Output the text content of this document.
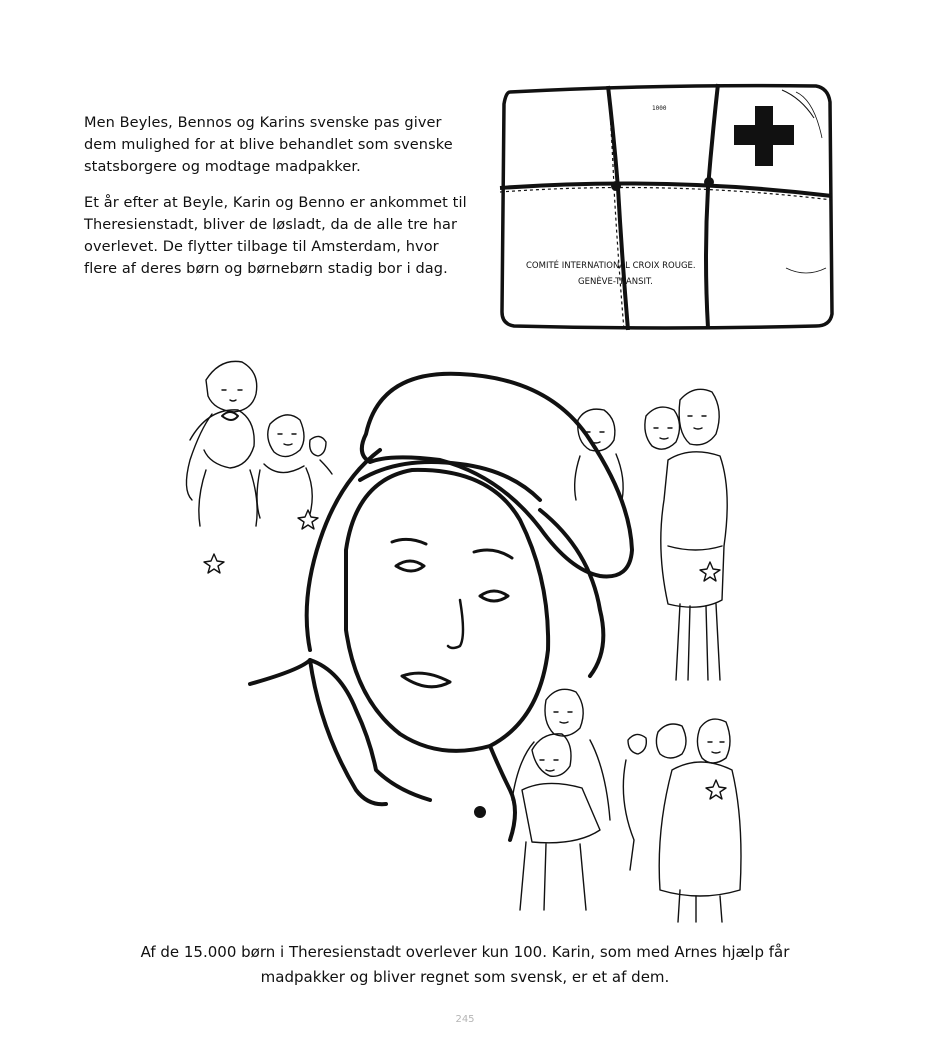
Men Beyles, Bennos og Karins svenske pas giver dem mulighed for at blive behandlet som svenske statsborgere og modtage madpakker.

Et år efter at Beyle, Karin og Benno er ankommet til Theresienstadt, bliver de løsladt, da de alle tre har overlevet. De flytter tilbage til Amsterdam, hvor flere af deres børn og børnebørn stadig bor i dag.

1000
COMITÉ INTERNATIONAL CROIX ROUGE.
GENÈVE-TRANSIT.

Af de 15.000 børn i Theresienstadt overlever kun 100. Karin, som med Arnes hjælp får

madpakker og bliver regnet som svensk, er et af dem.

245
